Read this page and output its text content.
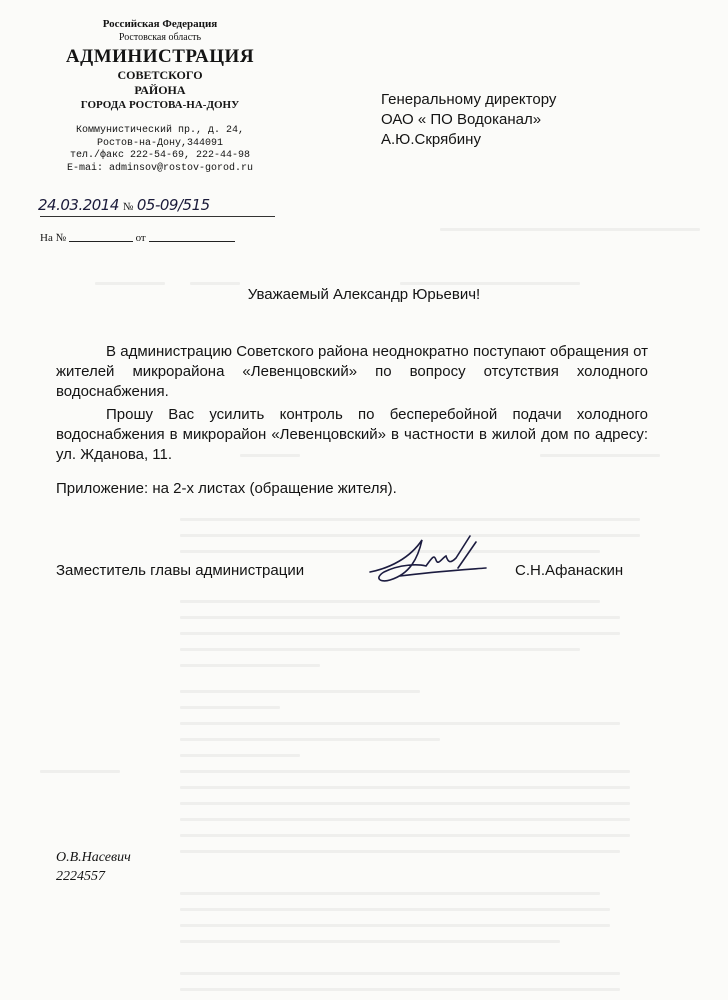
Российская Федерация
Ростовская область
АДМИНИСТРАЦИЯ
СОВЕТСКОГО
РАЙОНА
ГОРОДА РОСТОВА-НА-ДОНУ
Коммунистический пр., д. 24,
Ростов-на-Дону,344091
тел./факс 222-54-69, 222-44-98
E-mai: adminsov@rostov-gorod.ru
Генеральному директору
ОАО « ПО Водоканал»
А.Ю.Скрябину
24.03.2014 № 05-09/515
На №	от
Уважаемый Александр Юрьевич!
В администрацию Советского района неоднократно поступают обращения от жителей микрорайона «Левенцовский» по вопросу отсутствия холодного водоснабжения.
Прошу Вас усилить контроль по бесперебойной подачи холодного водоснабжения в микрорайон «Левенцовский» в частности в жилой дом по адресу: ул. Жданова, 11.
Приложение: на 2-х листах (обращение жителя).
Заместитель главы администрации	С.Н.Афанаскин
О.В.Насевич
2224557
